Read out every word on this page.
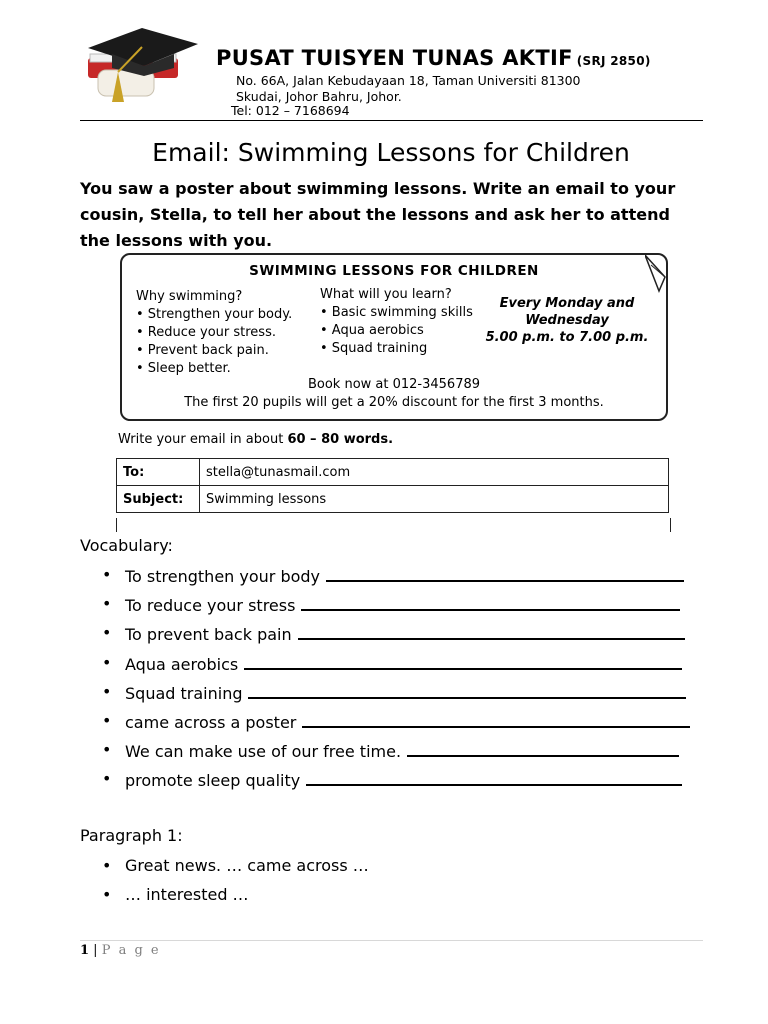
PUSAT TUISYEN TUNAS AKTIF (SRJ 2850)
No. 66A, Jalan Kebudayaan 18, Taman Universiti 81300
Skudai, Johor Bahru, Johor.
Tel: 012 – 7168694
Email: Swimming Lessons for Children
You saw a poster about swimming lessons. Write an email to your cousin, Stella, to tell her about the lessons and ask her to attend the lessons with you.
SWIMMING LESSONS FOR CHILDREN
Why swimming?
• Strengthen your body.
• Reduce your stress.
• Prevent back pain.
• Sleep better.
What will you learn?
• Basic swimming skills
• Aqua aerobics
• Squad training
Every Monday and
Wednesday
5.00 p.m. to 7.00 p.m.
Book now at 012-3456789
The first 20 pupils will get a 20% discount for the first 3 months.
Write your email in about 60 – 80 words.
To:	stella@tunasmail.com
Subject:	Swimming lessons
Vocabulary:
• To strengthen your body
• To reduce your stress
• To prevent back pain
• Aqua aerobics
• Squad training
• came across a poster
• We can make use of our free time.
• promote sleep quality
Paragraph 1:
• Great news. … came across …
• … interested …
1 | P a g e
